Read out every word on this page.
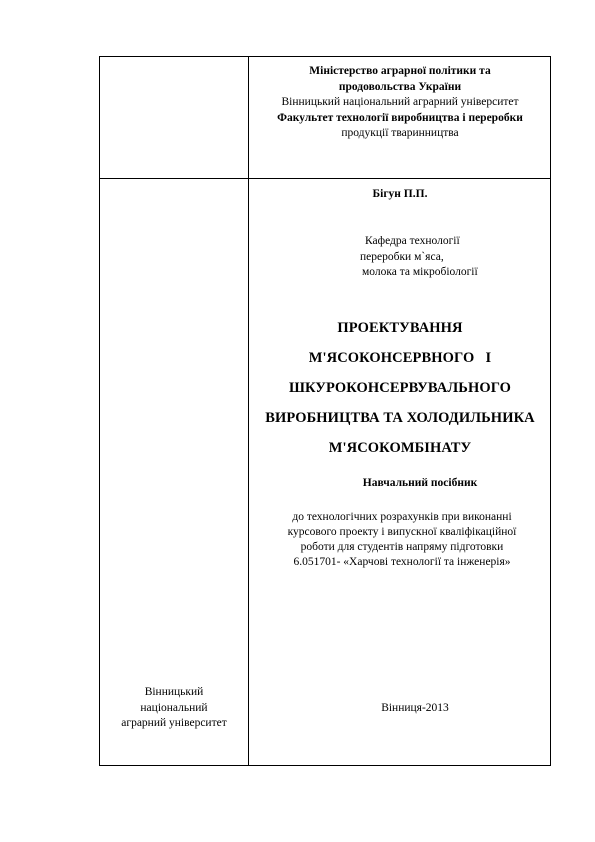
Міністерство аграрної політики та
продовольства України
Вінницький національний аграрний університет
Факультет технології виробництва і переробки
продукції тваринництва
Бігун П.П.
Кафедра технології
переробки м`яса,
молока та мікробіології
ПРОЕКТУВАННЯ
М'ЯСОКОНСЕРВНОГО   І
ШКУРОКОНСЕРВУВАЛЬНОГО
ВИРОБНИЦТВА ТА ХОЛОДИЛЬНИКА
М'ЯСОКОМБІНАТУ
Навчальний посібник
до технологічних розрахунків при виконанні
курсового проекту і випускної кваліфікаційної
роботи для студентів напряму підготовки
6.051701- «Харчові технології та інженерія»
Вінницький
національний
аграрний університет
Вінниця-2013
